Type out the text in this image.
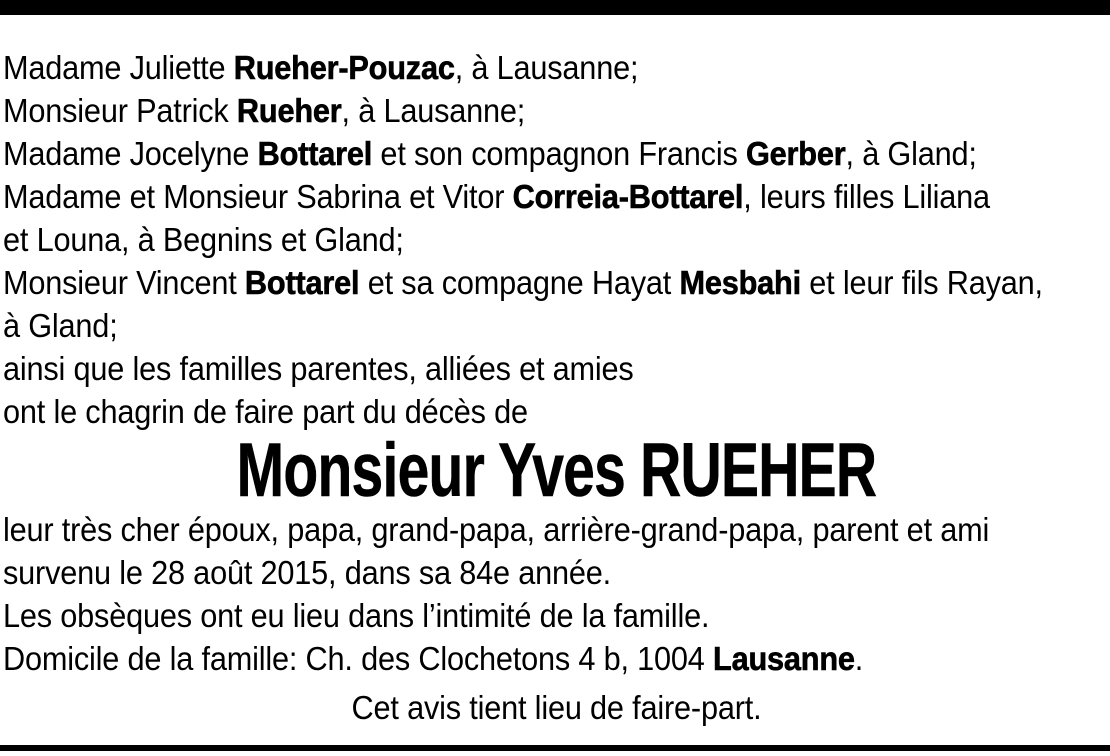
Madame Juliette Rueher-Pouzac, à Lausanne;

Monsieur Patrick Rueher, à Lausanne;

Madame Jocelyne Bottarel et son compagnon Francis Gerber, à Gland;

Madame et Monsieur Sabrina et Vitor Correia-Bottarel, leurs filles Liliana

et Louna, à Begnins et Gland;

Monsieur Vincent Bottarel et sa compagne Hayat Mesbahi et leur fils Rayan,

à Gland;

ainsi que les familles parentes, alliées et amies

ont le chagrin de faire part du décès de

Monsieur Yves RUEHER

leur très cher époux, papa, grand-papa, arrière-grand-papa, parent et ami

survenu le 28 août 2015, dans sa 84e année.

Les obsèques ont eu lieu dans l’intimité de la famille.

Domicile de la famille: Ch. des Clochetons 4 b, 1004 Lausanne.

Cet avis tient lieu de faire-part.
